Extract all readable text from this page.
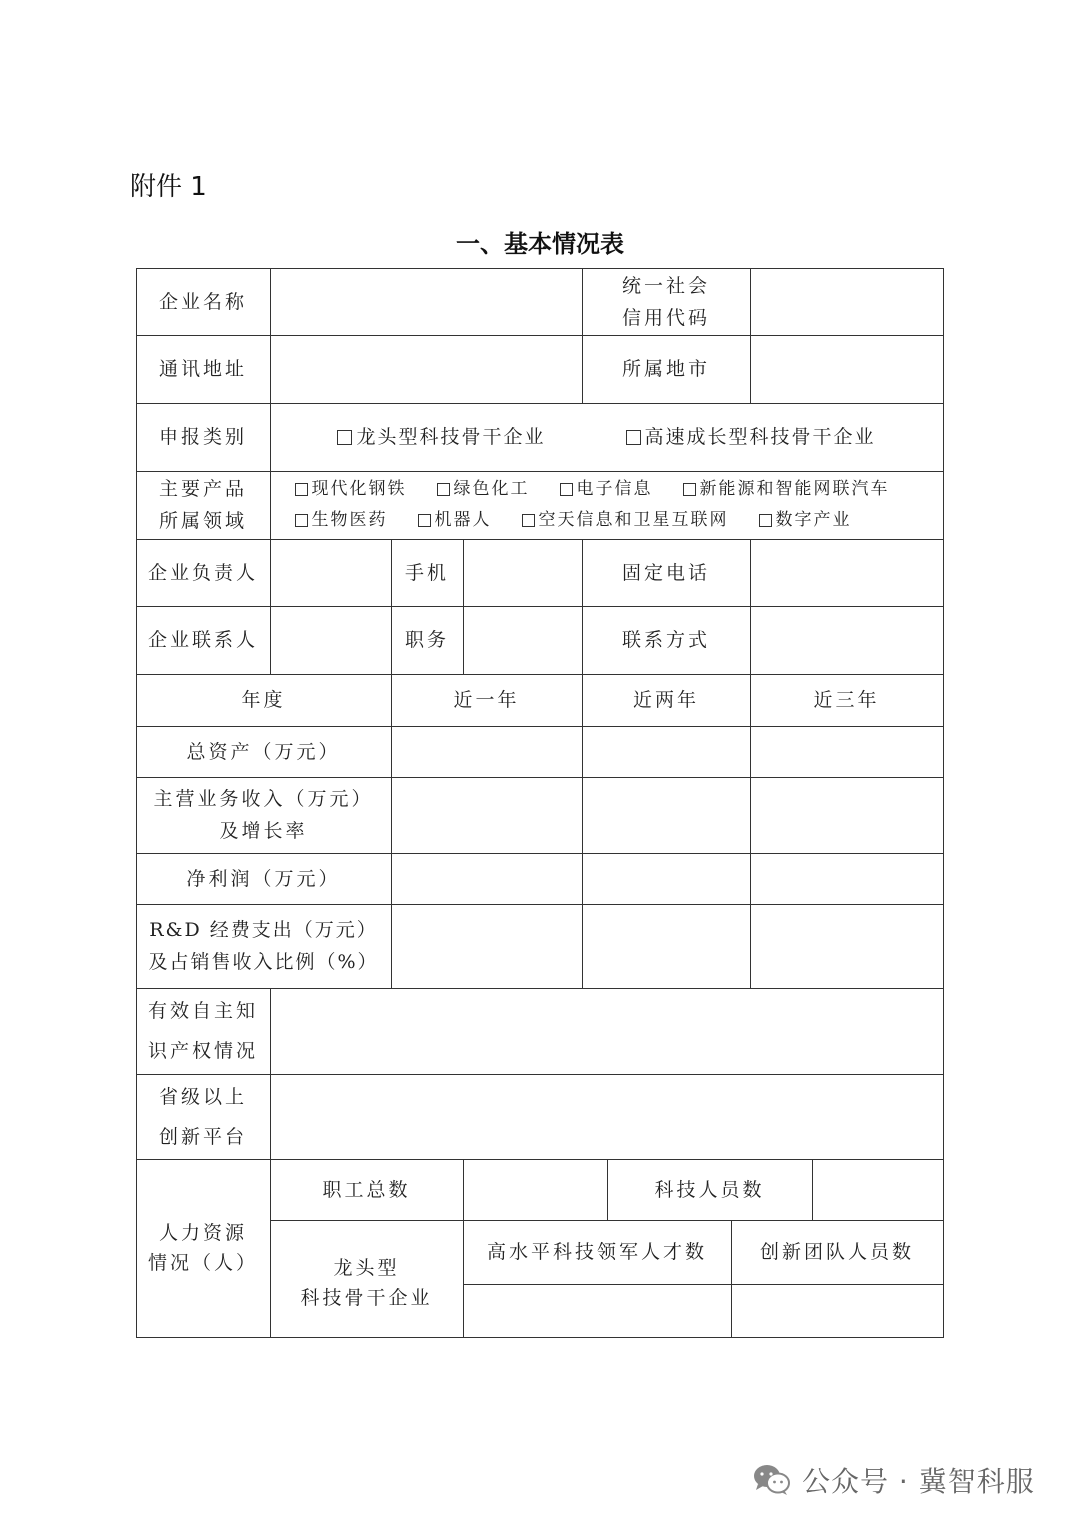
附件 1
一、基本情况表
企业名称
统一社会
信用代码
通讯地址	所属地市
申报类别	龙头型科技骨干企业	高速成长型科技骨干企业
主要产品
所属领域
现代化钢铁	绿色化工	电子信息	新能源和智能网联汽车
生物医药	机器人	空天信息和卫星互联网	数字产业
企业负责人	手机	固定电话
企业联系人	职务	联系方式
年度	近一年	近两年	近三年
总资产（万元）
主营业务收入（万元）
及增长率
净利润（万元）
R&D 经费支出（万元）
及占销售收入比例（%）
有效自主知
识产权情况
省级以上
创新平台
人力资源
情况（人）
职工总数	科技人员数
龙头型
科技骨干企业
高水平科技领军人才数	创新团队人员数
公众号 · 冀智科服
